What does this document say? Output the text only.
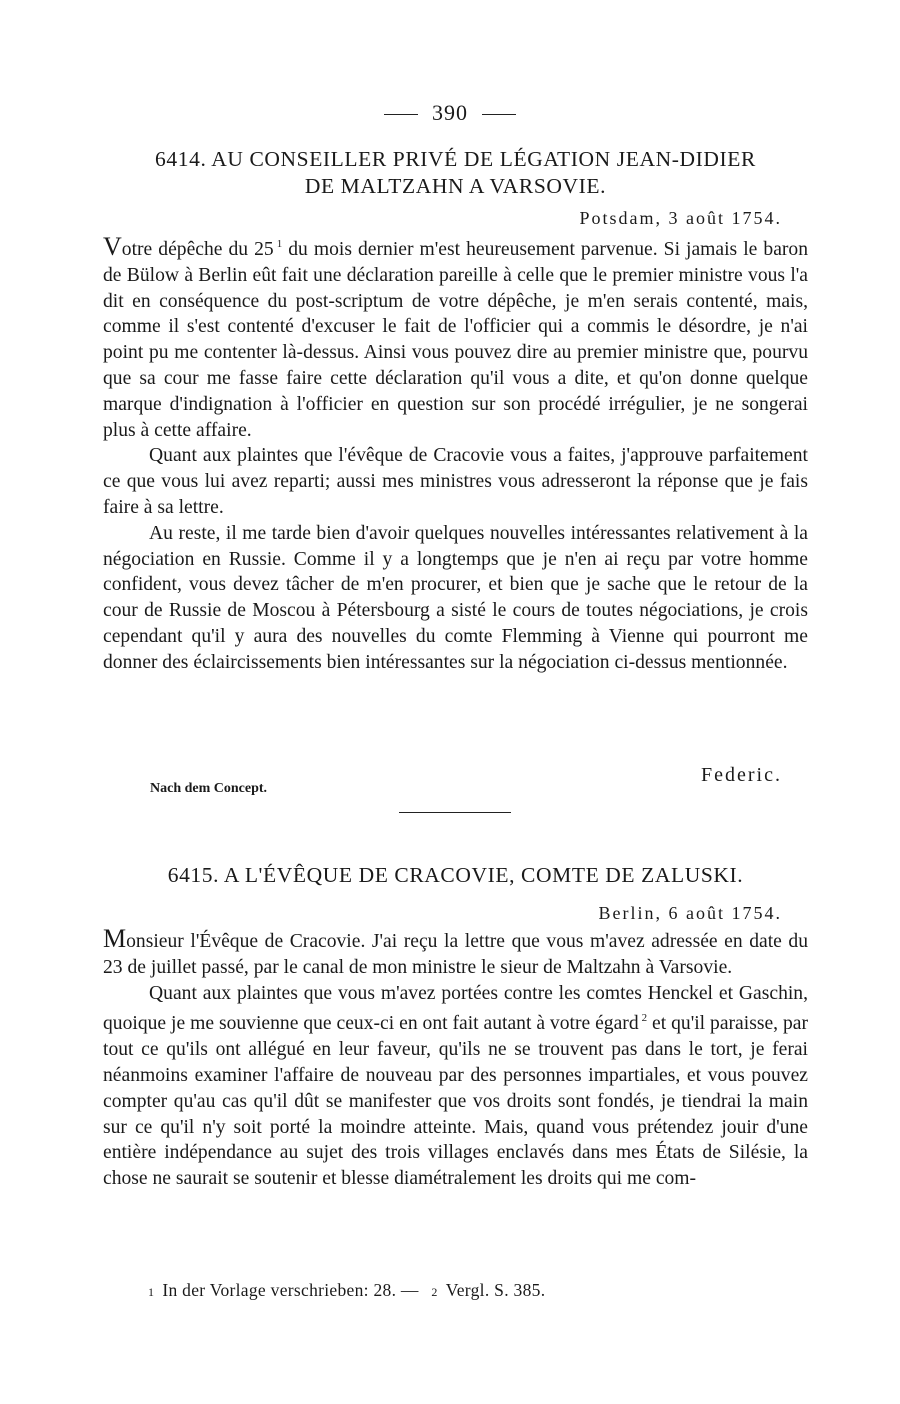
390
6414. AU CONSEILLER PRIVÉ DE LÉGATION JEAN-DIDIER
DE MALTZAHN A VARSOVIE.
Potsdam, 3 août 1754.

Votre dépêche du 25 $^1$ du mois dernier m'est heureusement parvenue. Si jamais le baron de Bülow à Berlin eût fait une déclaration pareille à celle que le premier ministre vous l'a dit en conséquence du post-scriptum de votre dépêche, je m'en serais contenté, mais, comme il s'est contenté d'excuser le fait de l'officier qui a commis le désordre, je n'ai point pu me contenter là-dessus. Ainsi vous pouvez dire au premier ministre que, pourvu que sa cour me fasse faire cette déclaration qu'il vous a dite, et qu'on donne quelque marque d'indignation à l'officier en question sur son procédé irrégulier, je ne songerai plus à cette affaire.

Quant aux plaintes que l'évêque de Cracovie vous a faites, j'approuve parfaitement ce que vous lui avez reparti; aussi mes ministres vous adresseront la réponse que je fais faire à sa lettre.

Au reste, il me tarde bien d'avoir quelques nouvelles intéressantes relativement à la négociation en Russie. Comme il y a longtemps que je n'en ai reçu par votre homme confident, vous devez tâcher de m'en procurer, et bien que je sache que le retour de la cour de Russie de Moscou à Pétersbourg a sisté le cours de toutes négociations, je crois cependant qu'il y aura des nouvelles du comte Flemming à Vienne qui pourront me donner des éclaircissements bien intéressantes sur la négociation ci-dessus mentionnée.

Federic.
Nach dem Concept.
6415. A L'ÉVÊQUE DE CRACOVIE, COMTE DE ZALUSKI.
Berlin, 6 août 1754.

Monsieur l'Évêque de Cracovie. J'ai reçu la lettre que vous m'avez adressée en date du 23 de juillet passé, par le canal de mon ministre le sieur de Maltzahn à Varsovie.

Quant aux plaintes que vous m'avez portées contre les comtes Henckel et Gaschin, quoique je me souvienne que ceux-ci en ont fait autant à votre égard $^2$ et qu'il paraisse, par tout ce qu'ils ont allégué en leur faveur, qu'ils ne se trouvent pas dans le tort, je ferai néanmoins examiner l'affaire de nouveau par des personnes impartiales, et vous pouvez compter qu'au cas qu'il dût se manifester que vos droits sont fondés, je tiendrai la main sur ce qu'il n'y soit porté la moindre atteinte. Mais, quand vous prétendez jouir d'une entière indépendance au sujet des trois villages enclavés dans mes États de Silésie, la chose ne saurait se soutenir et blesse diamétralement les droits qui me com-

1 In der Vorlage verschrieben: 28. — 2 Vergl. S. 385.
